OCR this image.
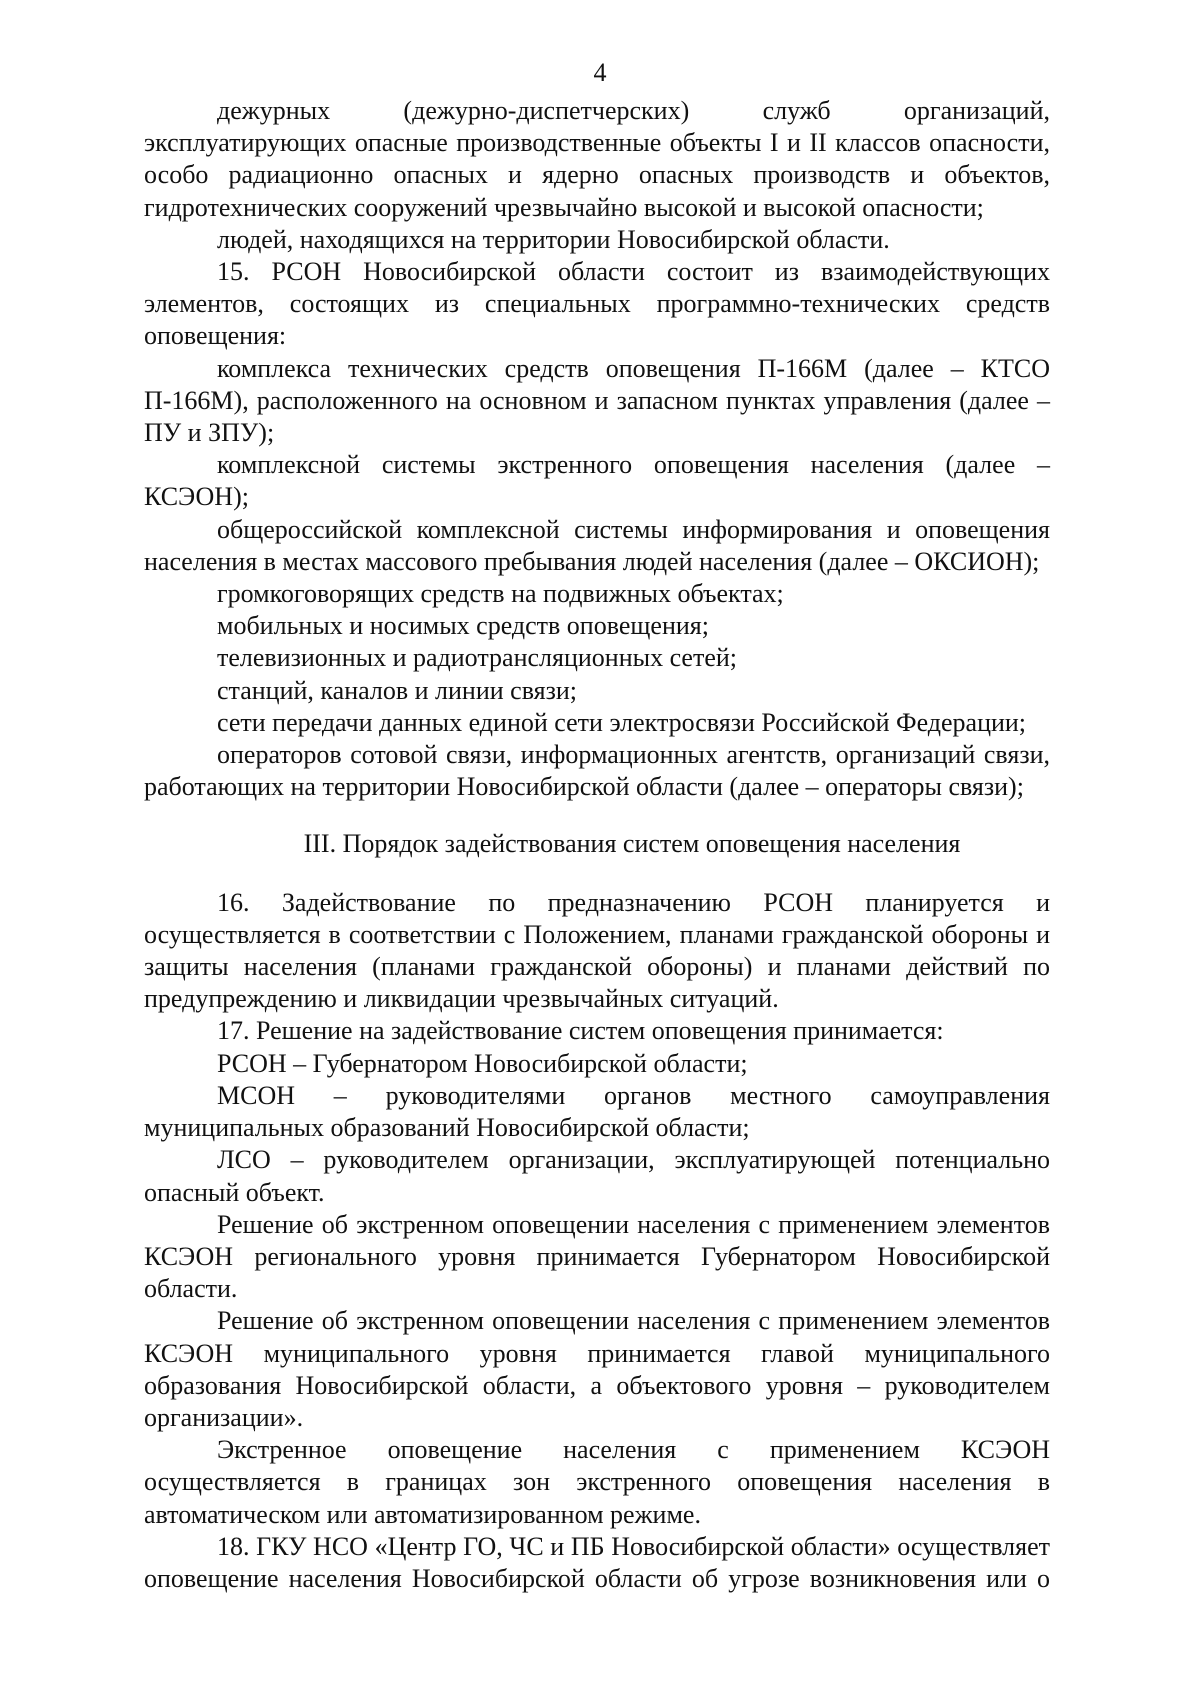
4

дежурных (дежурно-диспетчерских) служб организаций, эксплуатирующих опасные производственные объекты I и II классов опасности, особо радиационно опасных и ядерно опасных производств и объектов, гидротехнических сооружений чрезвычайно высокой и высокой опасности;

людей, находящихся на территории Новосибирской области.

15. РСОН Новосибирской области состоит из взаимодействующих элементов, состоящих из специальных программно-технических средств оповещения:

комплекса технических средств оповещения П-166М (далее – КТСО П-166М), расположенного на основном и запасном пунктах управления (далее – ПУ и ЗПУ);

комплексной системы экстренного оповещения населения (далее – КСЭОН);

общероссийской комплексной системы информирования и оповещения населения в местах массового пребывания людей населения (далее – ОКСИОН);

громкоговорящих средств на подвижных объектах;

мобильных и носимых средств оповещения;

телевизионных и радиотрансляционных сетей;

станций, каналов и линии связи;

сети передачи данных единой сети электросвязи Российской Федерации;

операторов сотовой связи, информационных агентств, организаций связи, работающих на территории Новосибирской области (далее – операторы связи);

III. Порядок задействования систем оповещения населения

16. Задействование по предназначению РСОН планируется и осуществляется в соответствии с Положением, планами гражданской обороны и защиты населения (планами гражданской обороны) и планами действий по предупреждению и ликвидации чрезвычайных ситуаций.

17. Решение на задействование систем оповещения принимается:

РСОН – Губернатором Новосибирской области;

МСОН – руководителями органов местного самоуправления муниципальных образований Новосибирской области;

ЛСО – руководителем организации, эксплуатирующей потенциально опасный объект.

Решение об экстренном оповещении населения с применением элементов КСЭОН регионального уровня принимается Губернатором Новосибирской области.

Решение об экстренном оповещении населения с применением элементов КСЭОН муниципального уровня принимается главой муниципального образования Новосибирской области, а объектового уровня – руководителем организации».

Экстренное оповещение населения с применением КСЭОН осуществляется в границах зон экстренного оповещения населения в автоматическом или автоматизированном режиме.

18. ГКУ НСО «Центр ГО, ЧС и ПБ Новосибирской области» осуществляет оповещение населения Новосибирской области об угрозе возникновения или о
